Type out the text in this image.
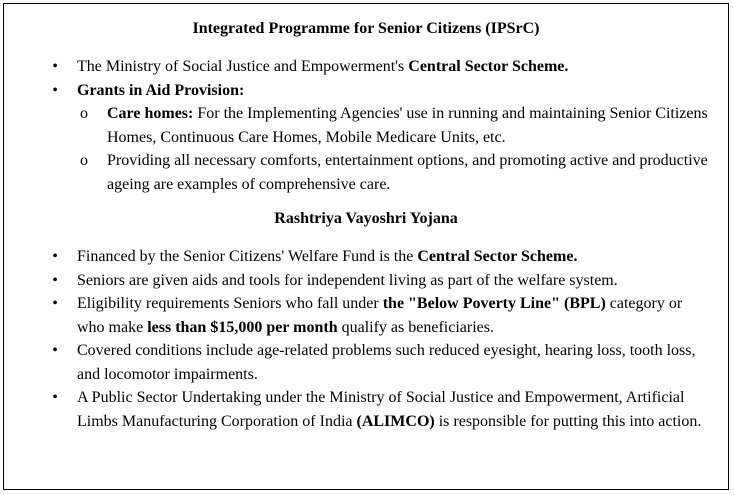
Integrated Programme for Senior Citizens (IPSrC)
• The Ministry of Social Justice and Empowerment's Central Sector Scheme.
• Grants in Aid Provision:
o Care homes: For the Implementing Agencies' use in running and maintaining Senior Citizens Homes, Continuous Care Homes, Mobile Medicare Units, etc.
o Providing all necessary comforts, entertainment options, and promoting active and productive ageing are examples of comprehensive care.
Rashtriya Vayoshri Yojana
• Financed by the Senior Citizens' Welfare Fund is the Central Sector Scheme.
• Seniors are given aids and tools for independent living as part of the welfare system.
• Eligibility requirements Seniors who fall under the "Below Poverty Line" (BPL) category or who make less than $15,000 per month qualify as beneficiaries.
• Covered conditions include age-related problems such reduced eyesight, hearing loss, tooth loss, and locomotor impairments.
• A Public Sector Undertaking under the Ministry of Social Justice and Empowerment, Artificial Limbs Manufacturing Corporation of India (ALIMCO) is responsible for putting this into action.
